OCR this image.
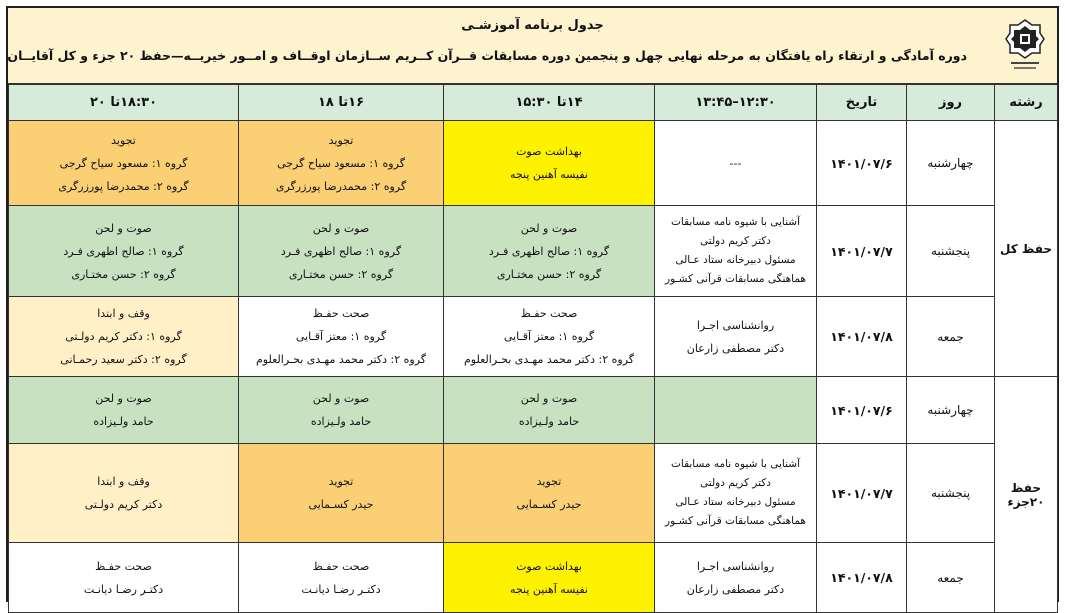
جدول برنامه آموزشـی
دوره آمادگی و ارتقاء راه یافتگان به مرحله نهایی چهل و پنجمین دوره مسابقات قــرآن کــریم ســازمان اوقــاف و امــور خیریــه—حفظ ۲۰ جزء و کل آقایــان
رشته	روز	تاریخ	۱۲:۳۰–۱۳:۴۵	۱۴تا ۱۵:۳۰	۱۶تا ۱۸	۱۸:۳۰تا ۲۰
حفظ کل	چهارشنبه	۱۴۰۱/۰۷/۶	---	بهداشت صوت
نفیسه آهنین پنجه	تجوید
گروه ۱: مسعود سیاح گرجی
گروه ۲: محمدرضا پورزرگری	تجوید
گروه ۱: مسعود سیاح گرجی
گروه ۲: محمدرضا پورزرگری

	پنجشنبه	۱۴۰۱/۰۷/۷	آشنایی با شیوه نامه مسابقات
دکتر کریم دولتی
مسئول دبیرخانه ستاد عـالی
هماهنگی مسابقات قرآنی کشـور	صوت و لحن
گروه ۱: صالح اظهری فـرد
گروه ۲: حسن مختـاری	صوت و لحن
گروه ۱: صالح اظهری فـرد
گروه ۲: حسن مختـاری	صوت و لحن
گروه ۱: صالح اظهری فـرد
گروه ۲: حسن مختـاری

	جمعه	۱۴۰۱/۰۷/۸	روانشناسی اجـرا
دکتر مصطفی زارعان	صحت حفـظ
گروه ۱: معتز آقـایی
گروه ۲: دکتر محمد مهـدی بحـرالعلوم	صحت حفـظ
گروه ۱: معتز آقـایی
گروه ۲: دکتر محمد مهـدی بحـرالعلوم	وقف و ابتدا
گروه ۱: دکتر کریم دولـتی
گروه ۲: دکتر سعید رحمـانی

حفظ ۲۰جزء	چهارشنبه	۱۴۰۱/۰۷/۶		صوت و لحن
حامد ولـیزاده	صوت و لحن
حامد ولـیزاده	صوت و لحن
حامد ولـیزاده

	پنجشنبه	۱۴۰۱/۰۷/۷	آشنایی با شیوه نامه مسابقات
دکتر کریم دولتی
مسئول دبیرخانه ستاد عـالی
هماهنگی مسابقات قرآنی کشـور	تجوید
حیدر کسـمایی	تجوید
حیدر کسـمایی	وقف و ابتدا
دکتر کریم دولـتی

	جمعه	۱۴۰۱/۰۷/۸	روانشناسی اجـرا
دکتر مصطفی زارعان	بهداشت صوت
نفیسه آهنین پنجه	صحت حفـظ
دکتـر رضـا دیانـت	صحت حفـظ
دکتـر رضـا دیانـت
